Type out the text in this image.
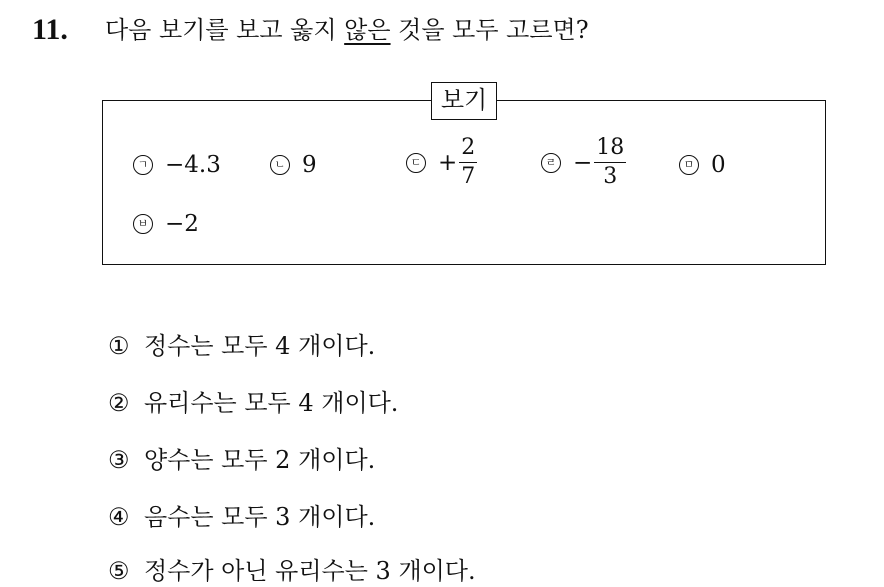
11. 다음 보기를 보고 옳지 않은 것을 모두 고르면?
보기
ㄱ −4.3	ㄴ 9	ㄷ + $\frac{2}{7}$	ㄹ − $\frac{18}{3}$	ㅁ 0
ㅂ −2
① 정수는 모두 4 개이다.
② 유리수는 모두 4 개이다.
③ 양수는 모두 2 개이다.
④ 음수는 모두 3 개이다.
⑤ 정수가 아닌 유리수는 3 개이다.
